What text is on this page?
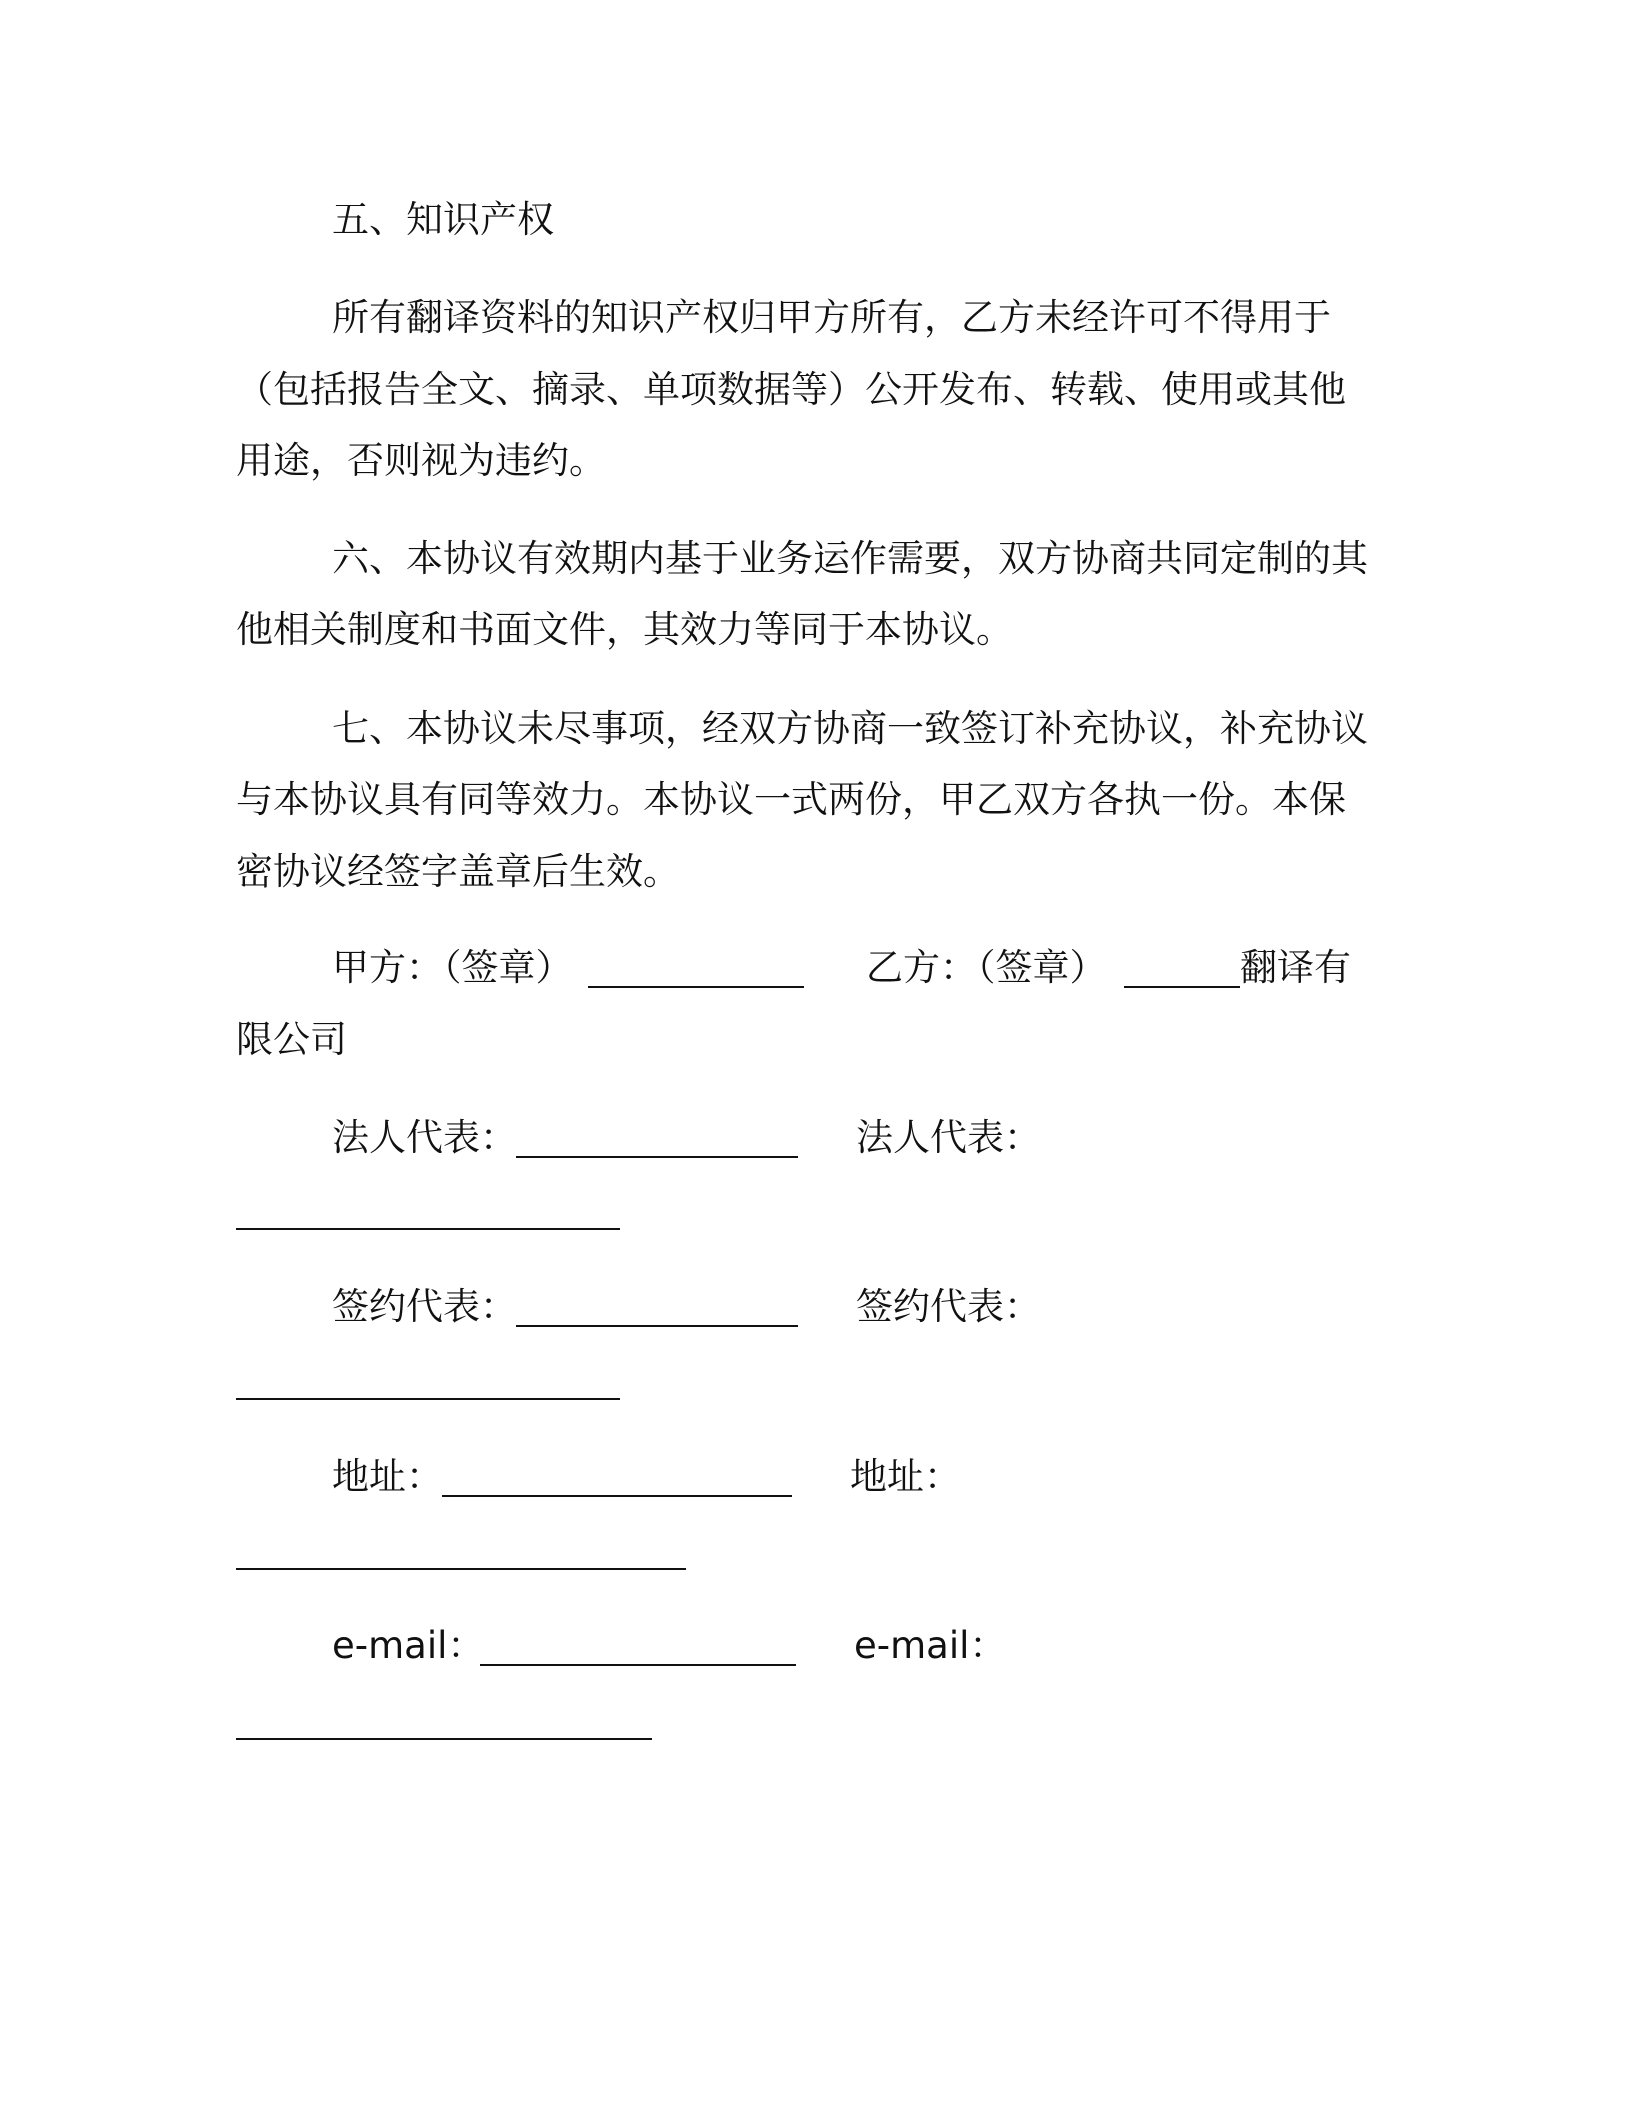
五、知识产权
所有翻译资料的知识产权归甲方所有，乙方未经许可不得用于
（包括报告全文、摘录、单项数据等）公开发布、转载、使用或其他
用途，否则视为违约。
六、本协议有效期内基于业务运作需要，双方协商共同定制的其
他相关制度和书面文件，其效力等同于本协议。
七、本协议未尽事项，经双方协商一致签订补充协议，补充协议
与本协议具有同等效力。本协议一式两份，甲乙双方各执一份。本保
密协议经签字盖章后生效。
甲方：（签章）	乙方：（签章）	翻译有
限公司
法人代表：	法人代表：
签约代表：	签约代表：
地址：	地址：
e-mail：	e-mail：
